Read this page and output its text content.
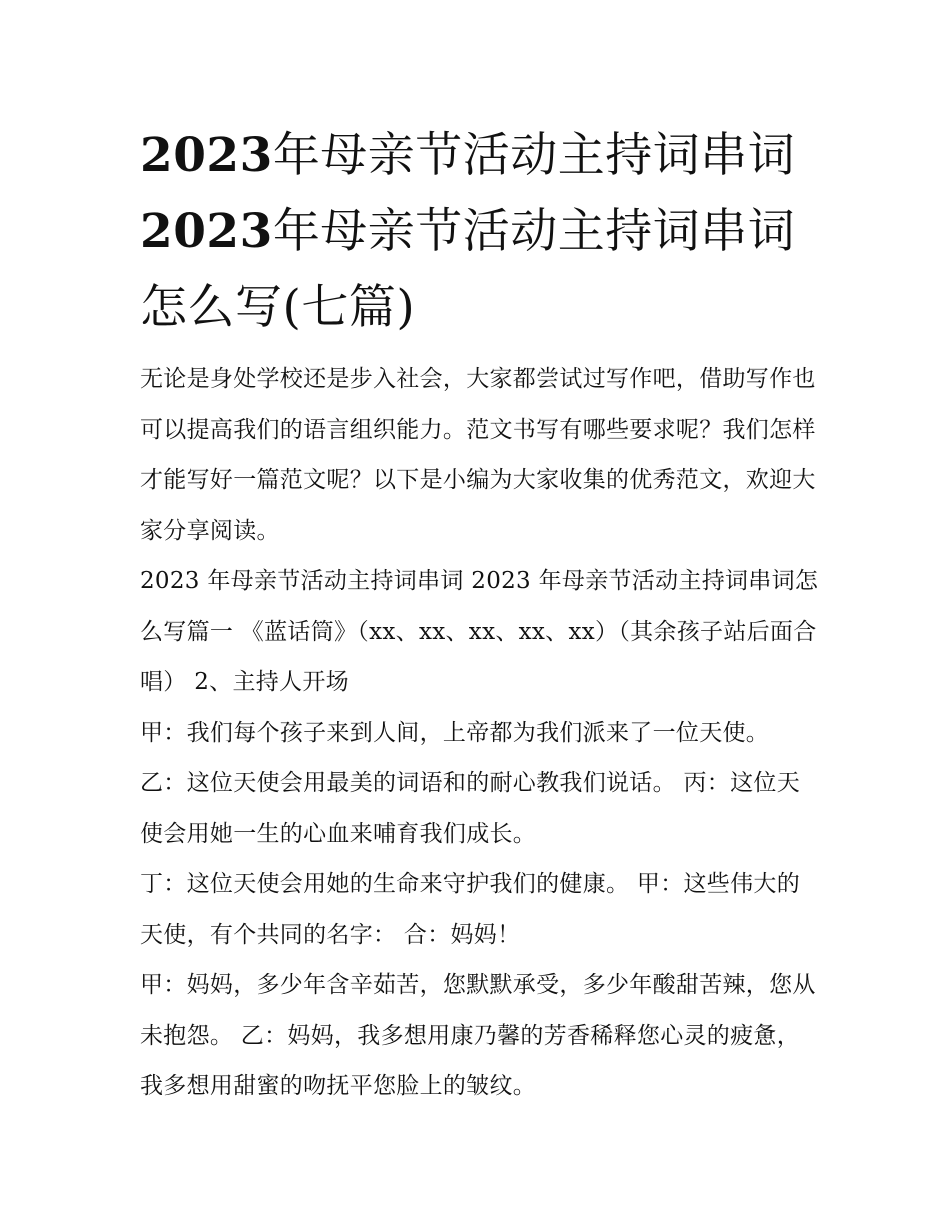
2023年母亲节活动主持词串词
2023年母亲节活动主持词串词
怎么写(七篇)

无论是身处学校还是步入社会，大家都尝试过写作吧，借助写作也可以提高我们的语言组织能力。范文书写有哪些要求呢？我们怎样才能写好一篇范文呢？以下是小编为大家收集的优秀范文，欢迎大家分享阅读。

2023 年母亲节活动主持词串词 2023 年母亲节活动主持词串词怎么写篇一 《蓝话筒》（xx、xx、xx、xx、xx）（其余孩子站后面合唱） 2、主持人开场

甲：我们每个孩子来到人间，上帝都为我们派来了一位天使。

乙：这位天使会用最美的词语和的耐心教我们说话。 丙：这位天使会用她一生的心血来哺育我们成长。

丁：这位天使会用她的生命来守护我们的健康。 甲：这些伟大的天使，有个共同的名字： 合：妈妈！

甲：妈妈，多少年含辛茹苦，您默默承受，多少年酸甜苦辣，您从未抱怨。 乙：妈妈，我多想用康乃馨的芳香稀释您心灵的疲惫，我多想用甜蜜的吻抚平您脸上的皱纹。
